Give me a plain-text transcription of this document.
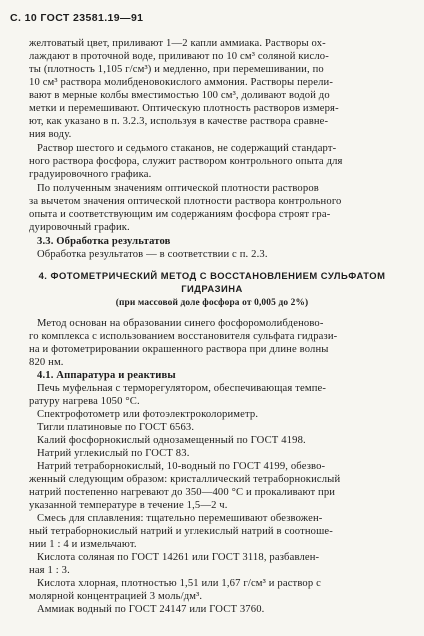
С. 10 ГОСТ 23581.19—91
желтоватый цвет, приливают 1—2 капли аммиака. Растворы ох-
лаждают в проточной воде, приливают по 10 см³ соляной кисло-
ты (плотность 1,105 г/см³) и медленно, при перемешивании, по
10 см³ раствора молибденовокислого аммония. Растворы перели-
вают в мерные колбы вместимостью 100 см³, доливают водой до
метки и перемешивают. Оптическую плотность растворов измеря-
ют, как указано в п. 3.2.3, используя в качестве раствора сравне-
ния воду.
Раствор шестого и седьмого стаканов, не содержащий стандарт-
ного раствора фосфора, служит раствором контрольного опыта для
градуировочного графика.
По полученным значениям оптической плотности растворов
за вычетом значения оптической плотности раствора контрольного
опыта и соответствующим им содержаниям фосфора строят гра-
дуировочный график.
3.3. Обработка результатов
Обработка результатов — в соответствии с п. 2.3.
4. ФОТОМЕТРИЧЕСКИЙ МЕТОД С ВОССТАНОВЛЕНИЕМ СУЛЬФАТОМ
ГИДРАЗИНА
(при массовой доле фосфора от 0,005 до 2%)
Метод основан на образовании синего фосфоромолибденово-
го комплекса с использованием восстановителя сульфата гидрази-
на и фотометрировании окрашенного раствора при длине волны
820 нм.
4.1. Аппаратура и реактивы
Печь муфельная с терморегулятором, обеспечивающая темпе-
ратуру нагрева 1050 °С.
Спектрофотометр или фотоэлектроколориметр.
Тигли платиновые по ГОСТ 6563.
Калий фосфорнокислый однозамещенный по ГОСТ 4198.
Натрий углекислый по ГОСТ 83.
Натрий тетраборнокислый, 10-водный по ГОСТ 4199, обезво-
женный следующим образом: кристаллический тетраборнокислый
натрий постепенно нагревают до 350—400 °С и прокаливают при
указанной температуре в течение 1,5—2 ч.
Смесь для сплавления: тщательно перемешивают обезвожен-
ный тетраборнокислый натрий и углекислый натрий в соотноше-
нии 1 : 4 и измельчают.
Кислота соляная по ГОСТ 14261 или ГОСТ 3118, разбавлен-
ная 1 : 3.
Кислота хлорная, плотностью 1,51 или 1,67 г/см³ и раствор с
молярной концентрацией 3 моль/дм³.
Аммиак водный по ГОСТ 24147 или ГОСТ 3760.
